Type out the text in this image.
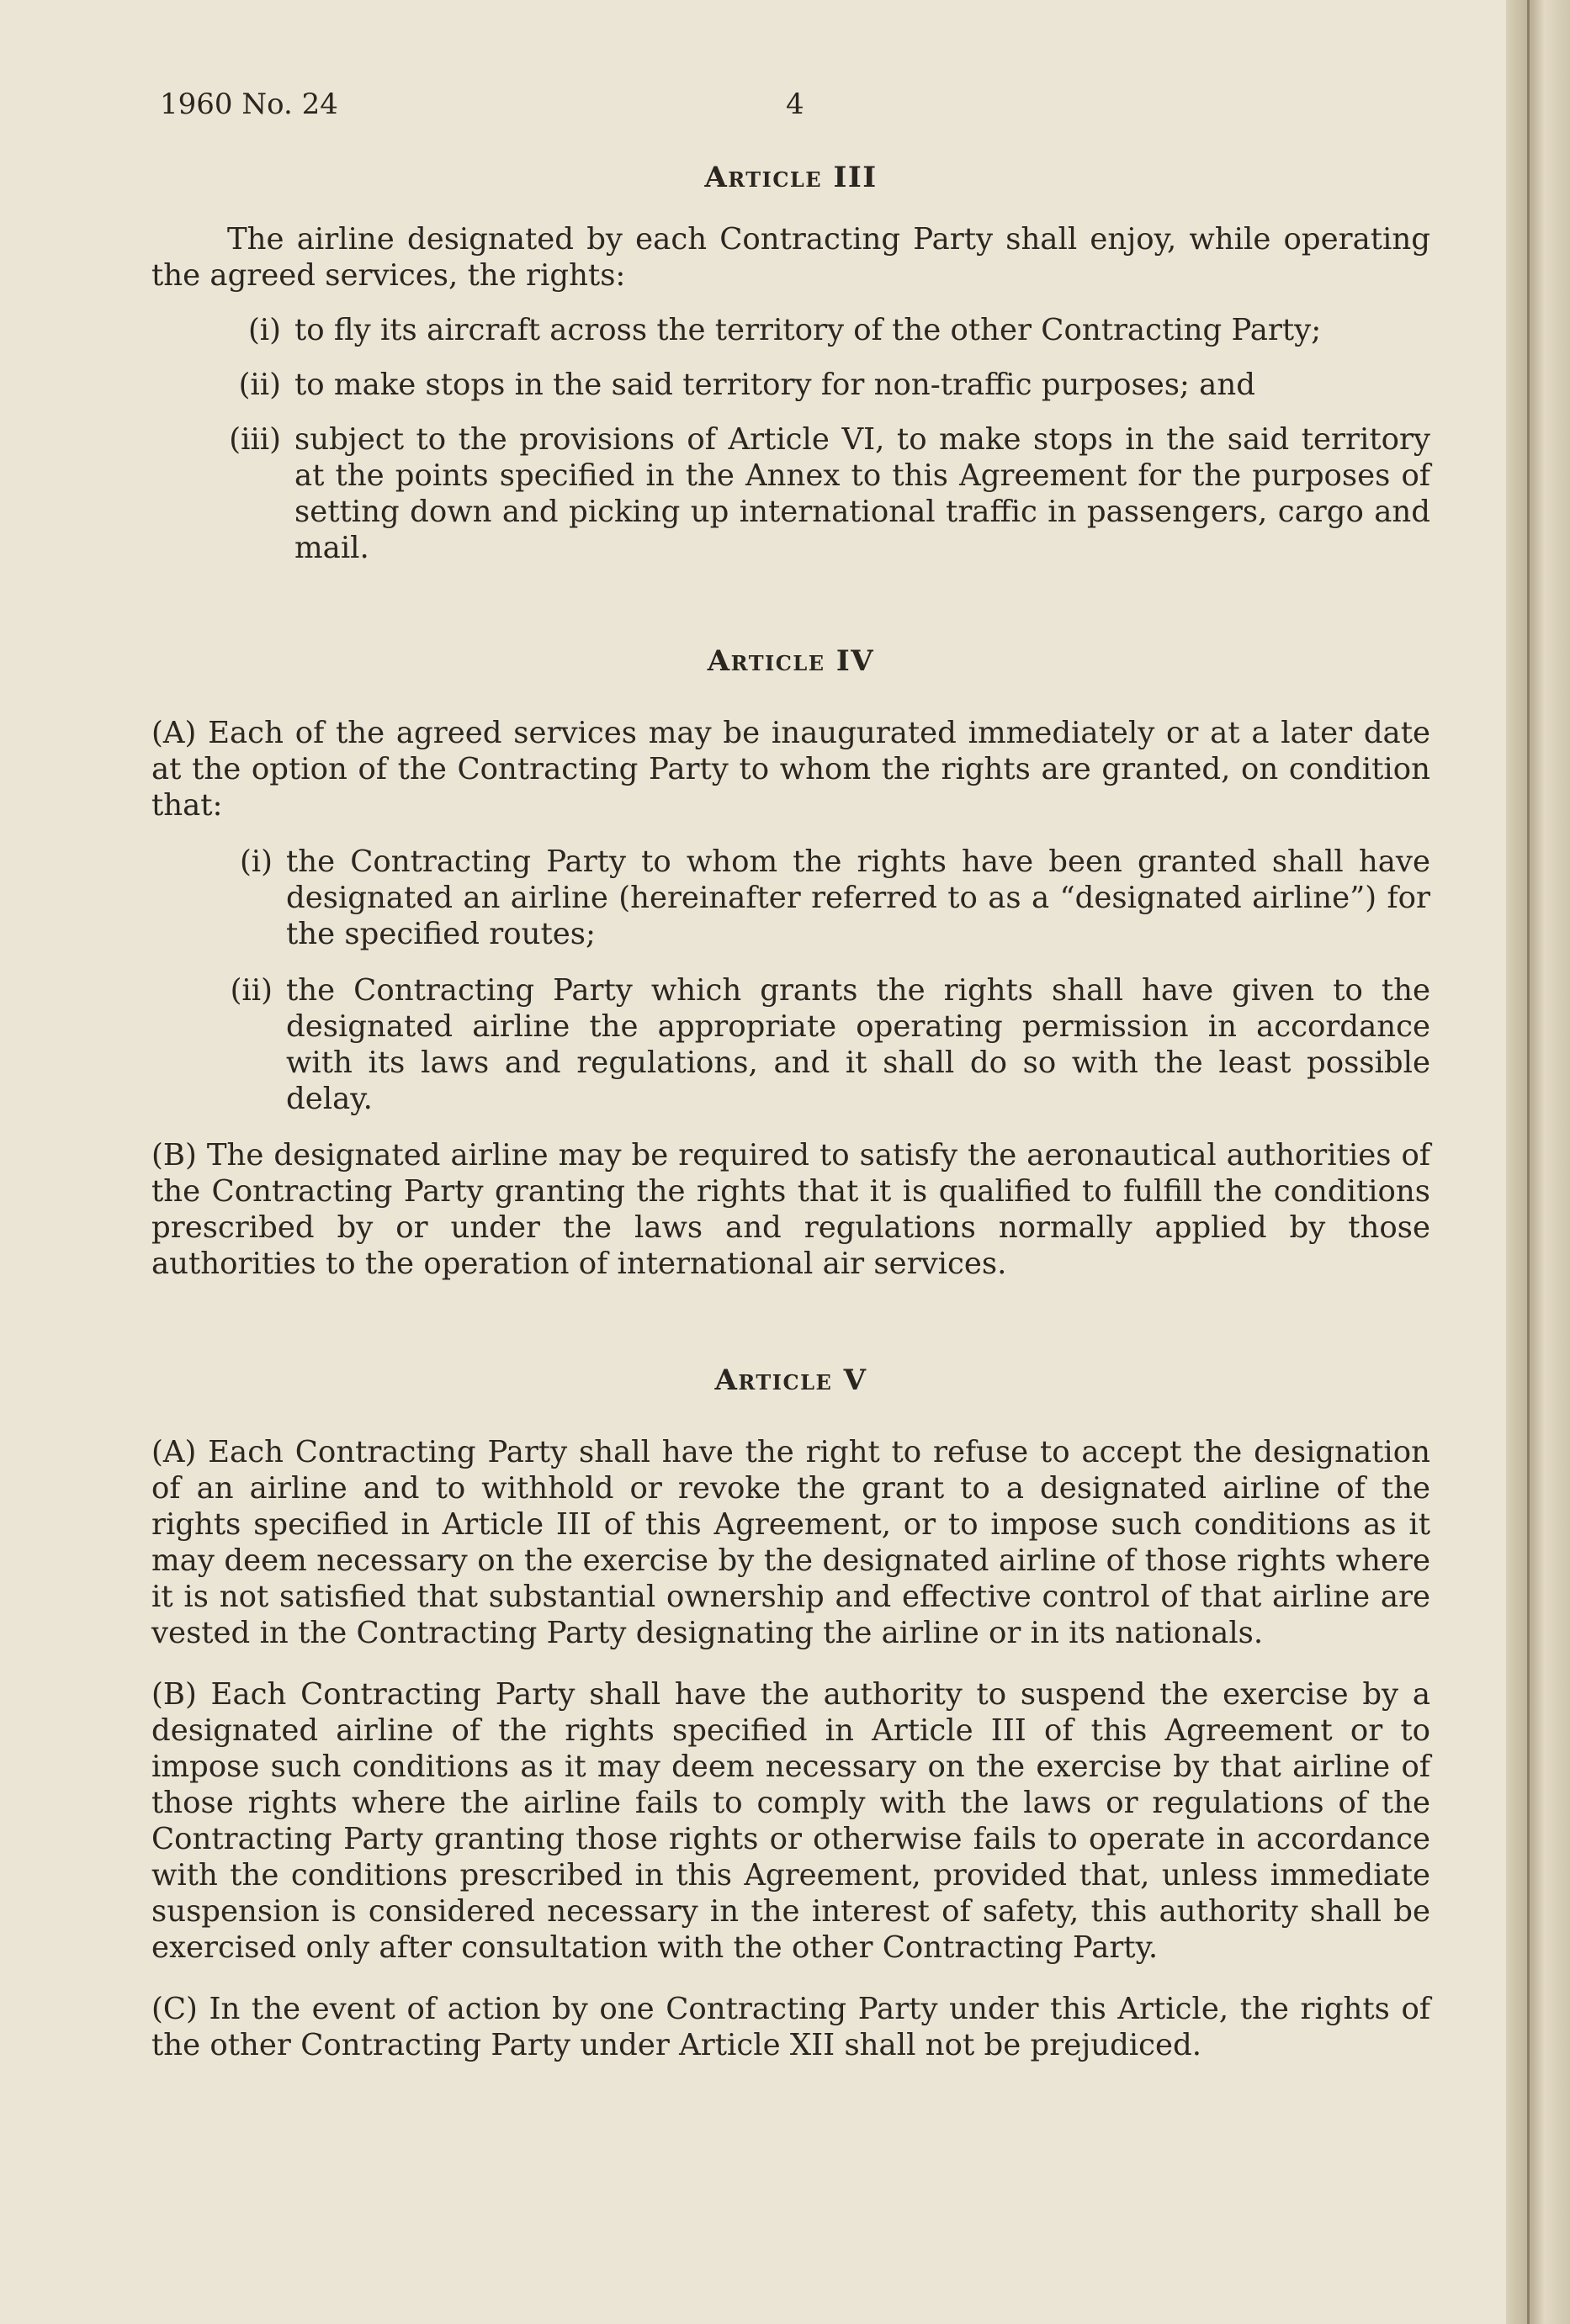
1960 No. 24	4
Article III

The airline designated by each Contracting Party shall enjoy, while operating the agreed services, the rights:

(i) to fly its aircraft across the territory of the other Contracting Party;
(ii) to make stops in the said territory for non-traffic purposes; and
(iii) subject to the provisions of Article VI, to make stops in the said territory at the points specified in the Annex to this Agreement for the purposes of setting down and picking up international traffic in passengers, cargo and mail.
Article IV

(A) Each of the agreed services may be inaugurated immediately or at a later date at the option of the Contracting Party to whom the rights are granted, on condition that:

(i) the Contracting Party to whom the rights have been granted shall have designated an airline (hereinafter referred to as a “designated airline”) for the specified routes;
(ii) the Contracting Party which grants the rights shall have given to the designated airline the appropriate operating permission in accordance with its laws and regulations, and it shall do so with the least possible delay.

(B) The designated airline may be required to satisfy the aeronautical authorities of the Contracting Party granting the rights that it is qualified to fulfill the conditions prescribed by or under the laws and regulations normally applied by those authorities to the operation of international air services.

Article V

(A) Each Contracting Party shall have the right to refuse to accept the designation of an airline and to withhold or revoke the grant to a designated airline of the rights specified in Article III of this Agreement, or to impose such conditions as it may deem necessary on the exercise by the designated airline of those rights where it is not satisfied that substantial ownership and effective control of that airline are vested in the Contracting Party designating the airline or in its nationals.

(B) Each Contracting Party shall have the authority to suspend the exercise by a designated airline of the rights specified in Article III of this Agreement or to impose such conditions as it may deem necessary on the exercise by that airline of those rights where the airline fails to comply with the laws or regulations of the Contracting Party granting those rights or otherwise fails to operate in accordance with the conditions prescribed in this Agreement, provided that, unless immediate suspension is considered necessary in the interest of safety, this authority shall be exercised only after consultation with the other Contracting Party.

(C) In the event of action by one Contracting Party under this Article, the rights of the other Contracting Party under Article XII shall not be prejudiced.
